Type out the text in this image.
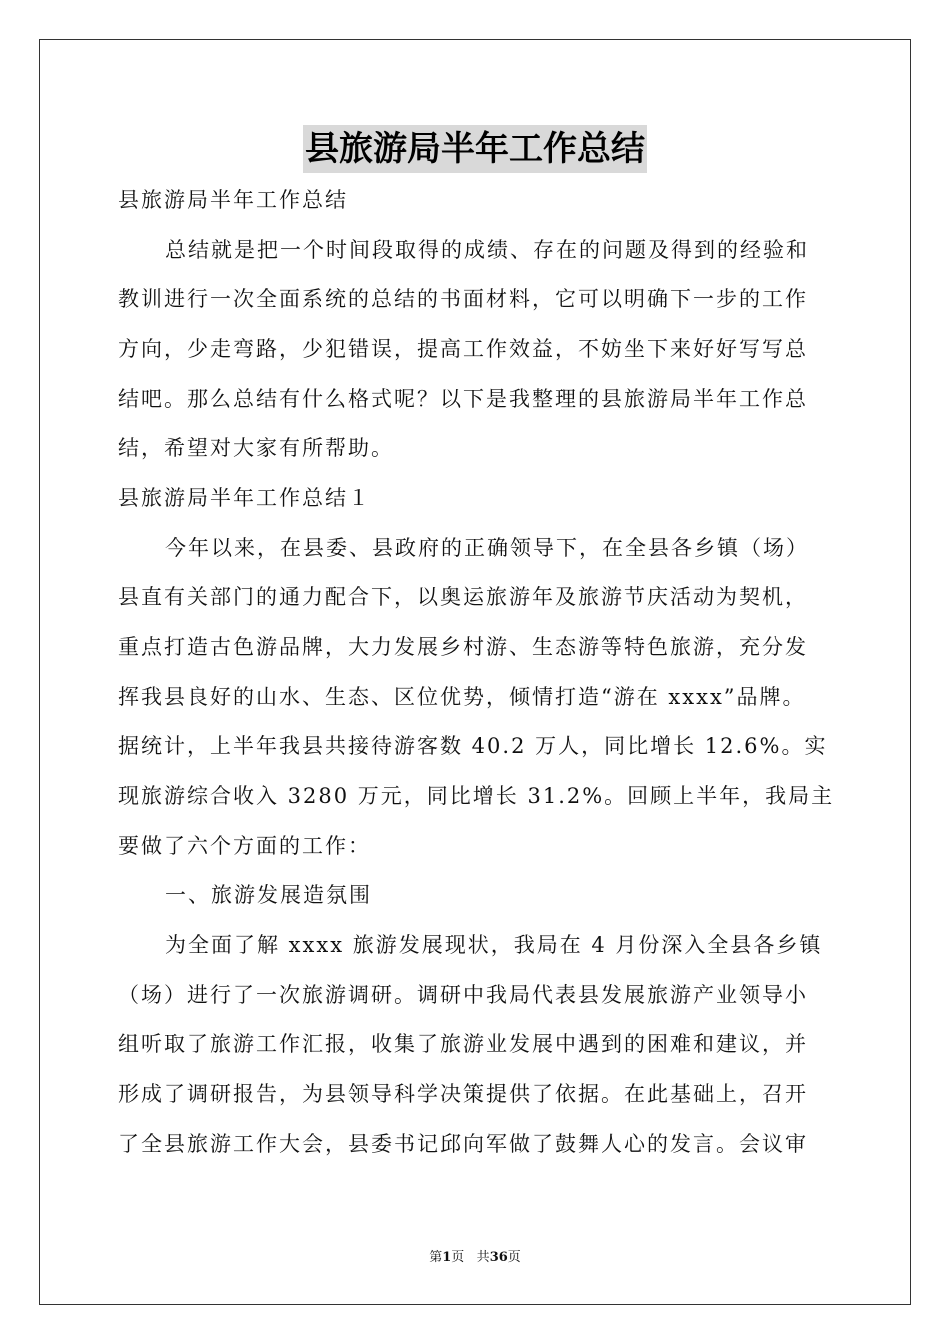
县旅游局半年工作总结
县旅游局半年工作总结
总结就是把一个时间段取得的成绩、存在的问题及得到的经验和
教训进行一次全面系统的总结的书面材料，它可以明确下一步的工作
方向，少走弯路，少犯错误，提高工作效益，不妨坐下来好好写写总
结吧。那么总结有什么格式呢？以下是我整理的县旅游局半年工作总
结，希望对大家有所帮助。
县旅游局半年工作总结１
今年以来，在县委、县政府的正确领导下，在全县各乡镇（场）
县直有关部门的通力配合下，以奥运旅游年及旅游节庆活动为契机，
重点打造古色游品牌，大力发展乡村游、生态游等特色旅游，充分发
挥我县良好的山水、生态、区位优势，倾情打造“游在 xxxx”品牌。
据统计，上半年我县共接待游客数 40.2 万人，同比增长 12.6%。实
现旅游综合收入 3280 万元，同比增长 31.2%。回顾上半年，我局主
要做了六个方面的工作：
一、旅游发展造氛围
为全面了解 xxxx 旅游发展现状，我局在 4 月份深入全县各乡镇
（场）进行了一次旅游调研。调研中我局代表县发展旅游产业领导小
组听取了旅游工作汇报，收集了旅游业发展中遇到的困难和建议，并
形成了调研报告，为县领导科学决策提供了依据。在此基础上，召开
了全县旅游工作大会，县委书记邱向军做了鼓舞人心的发言。会议审
第1页 共36页
